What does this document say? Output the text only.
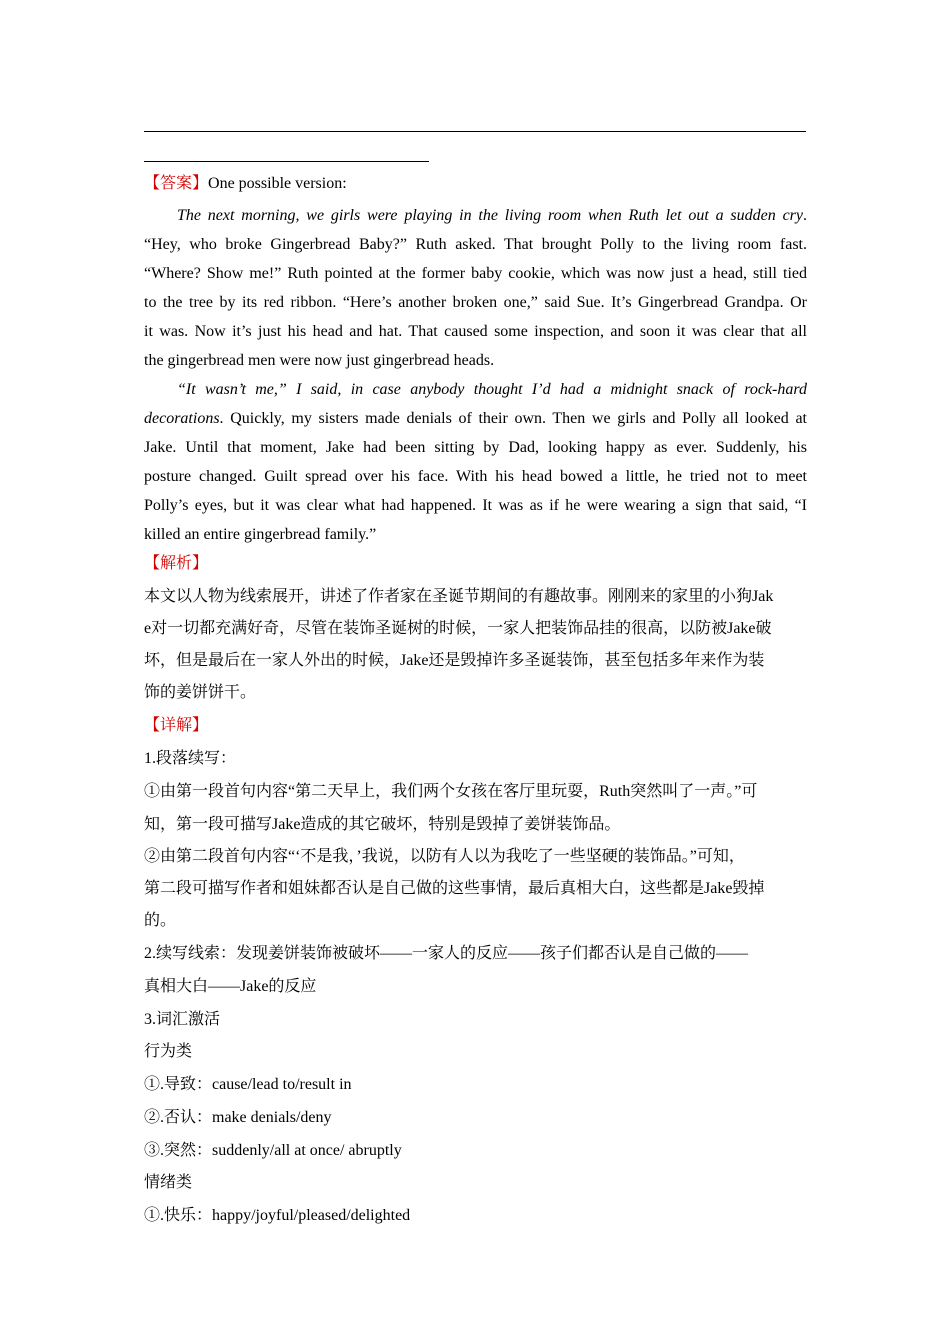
【答案】One possible version:
The next morning, we girls were playing in the living room when Ruth let out a sudden cry.
“Hey, who broke Gingerbread Baby?” Ruth asked. That brought Polly to the living room fast.
“Where? Show me!” Ruth pointed at the former baby cookie, which was now just a head, still tied
to the tree by its red ribbon. “Here’s another broken one,” said Sue. It’s Gingerbread Grandpa. Or
it was. Now it’s just his head and hat. That caused some inspection, and soon it was clear that all
the gingerbread men were now just gingerbread heads.
“It wasn’t me,” I said, in case anybody thought I’d had a midnight snack of rock-hard
decorations. Quickly, my sisters made denials of their own. Then we girls and Polly all looked at
Jake. Until that moment, Jake had been sitting by Dad, looking happy as ever. Suddenly, his
posture changed. Guilt spread over his face. With his head bowed a little, he tried not to meet
Polly’s eyes, but it was clear what had happened. It was as if he were wearing a sign that said, “I
killed an entire gingerbread family.”
【解析】
本文以人物为线索展开，讲述了作者家在圣诞节期间的有趣故事。刚刚来的家里的小狗Jak
e对一切都充满好奇，尽管在装饰圣诞树的时候，一家人把装饰品挂的很高，以防被Jake破
坏，但是最后在一家人外出的时候，Jake还是毁掉许多圣诞装饰，甚至包括多年来作为装
饰的姜饼饼干。
【详解】
1.段落续写：
①由第一段首句内容“第二天早上，我们两个女孩在客厅里玩耍，Ruth突然叫了一声。”可
知，第一段可描写Jake造成的其它破坏，特别是毁掉了姜饼装饰品。
②由第二段首句内容“‘不是我，’我说，以防有人以为我吃了一些坚硬的装饰品。”可知，
第二段可描写作者和姐妹都否认是自己做的这些事情，最后真相大白，这些都是Jake毁掉
的。
2.续写线索：发现姜饼装饰被破坏——一家人的反应——孩子们都否认是自己做的——
真相大白——Jake的反应
3.词汇激活
行为类
①.导致：cause/lead to/result in
②.否认：make denials/deny
③.突然：suddenly/all at once/ abruptly
情绪类
①.快乐：happy/joyful/pleased/delighted
